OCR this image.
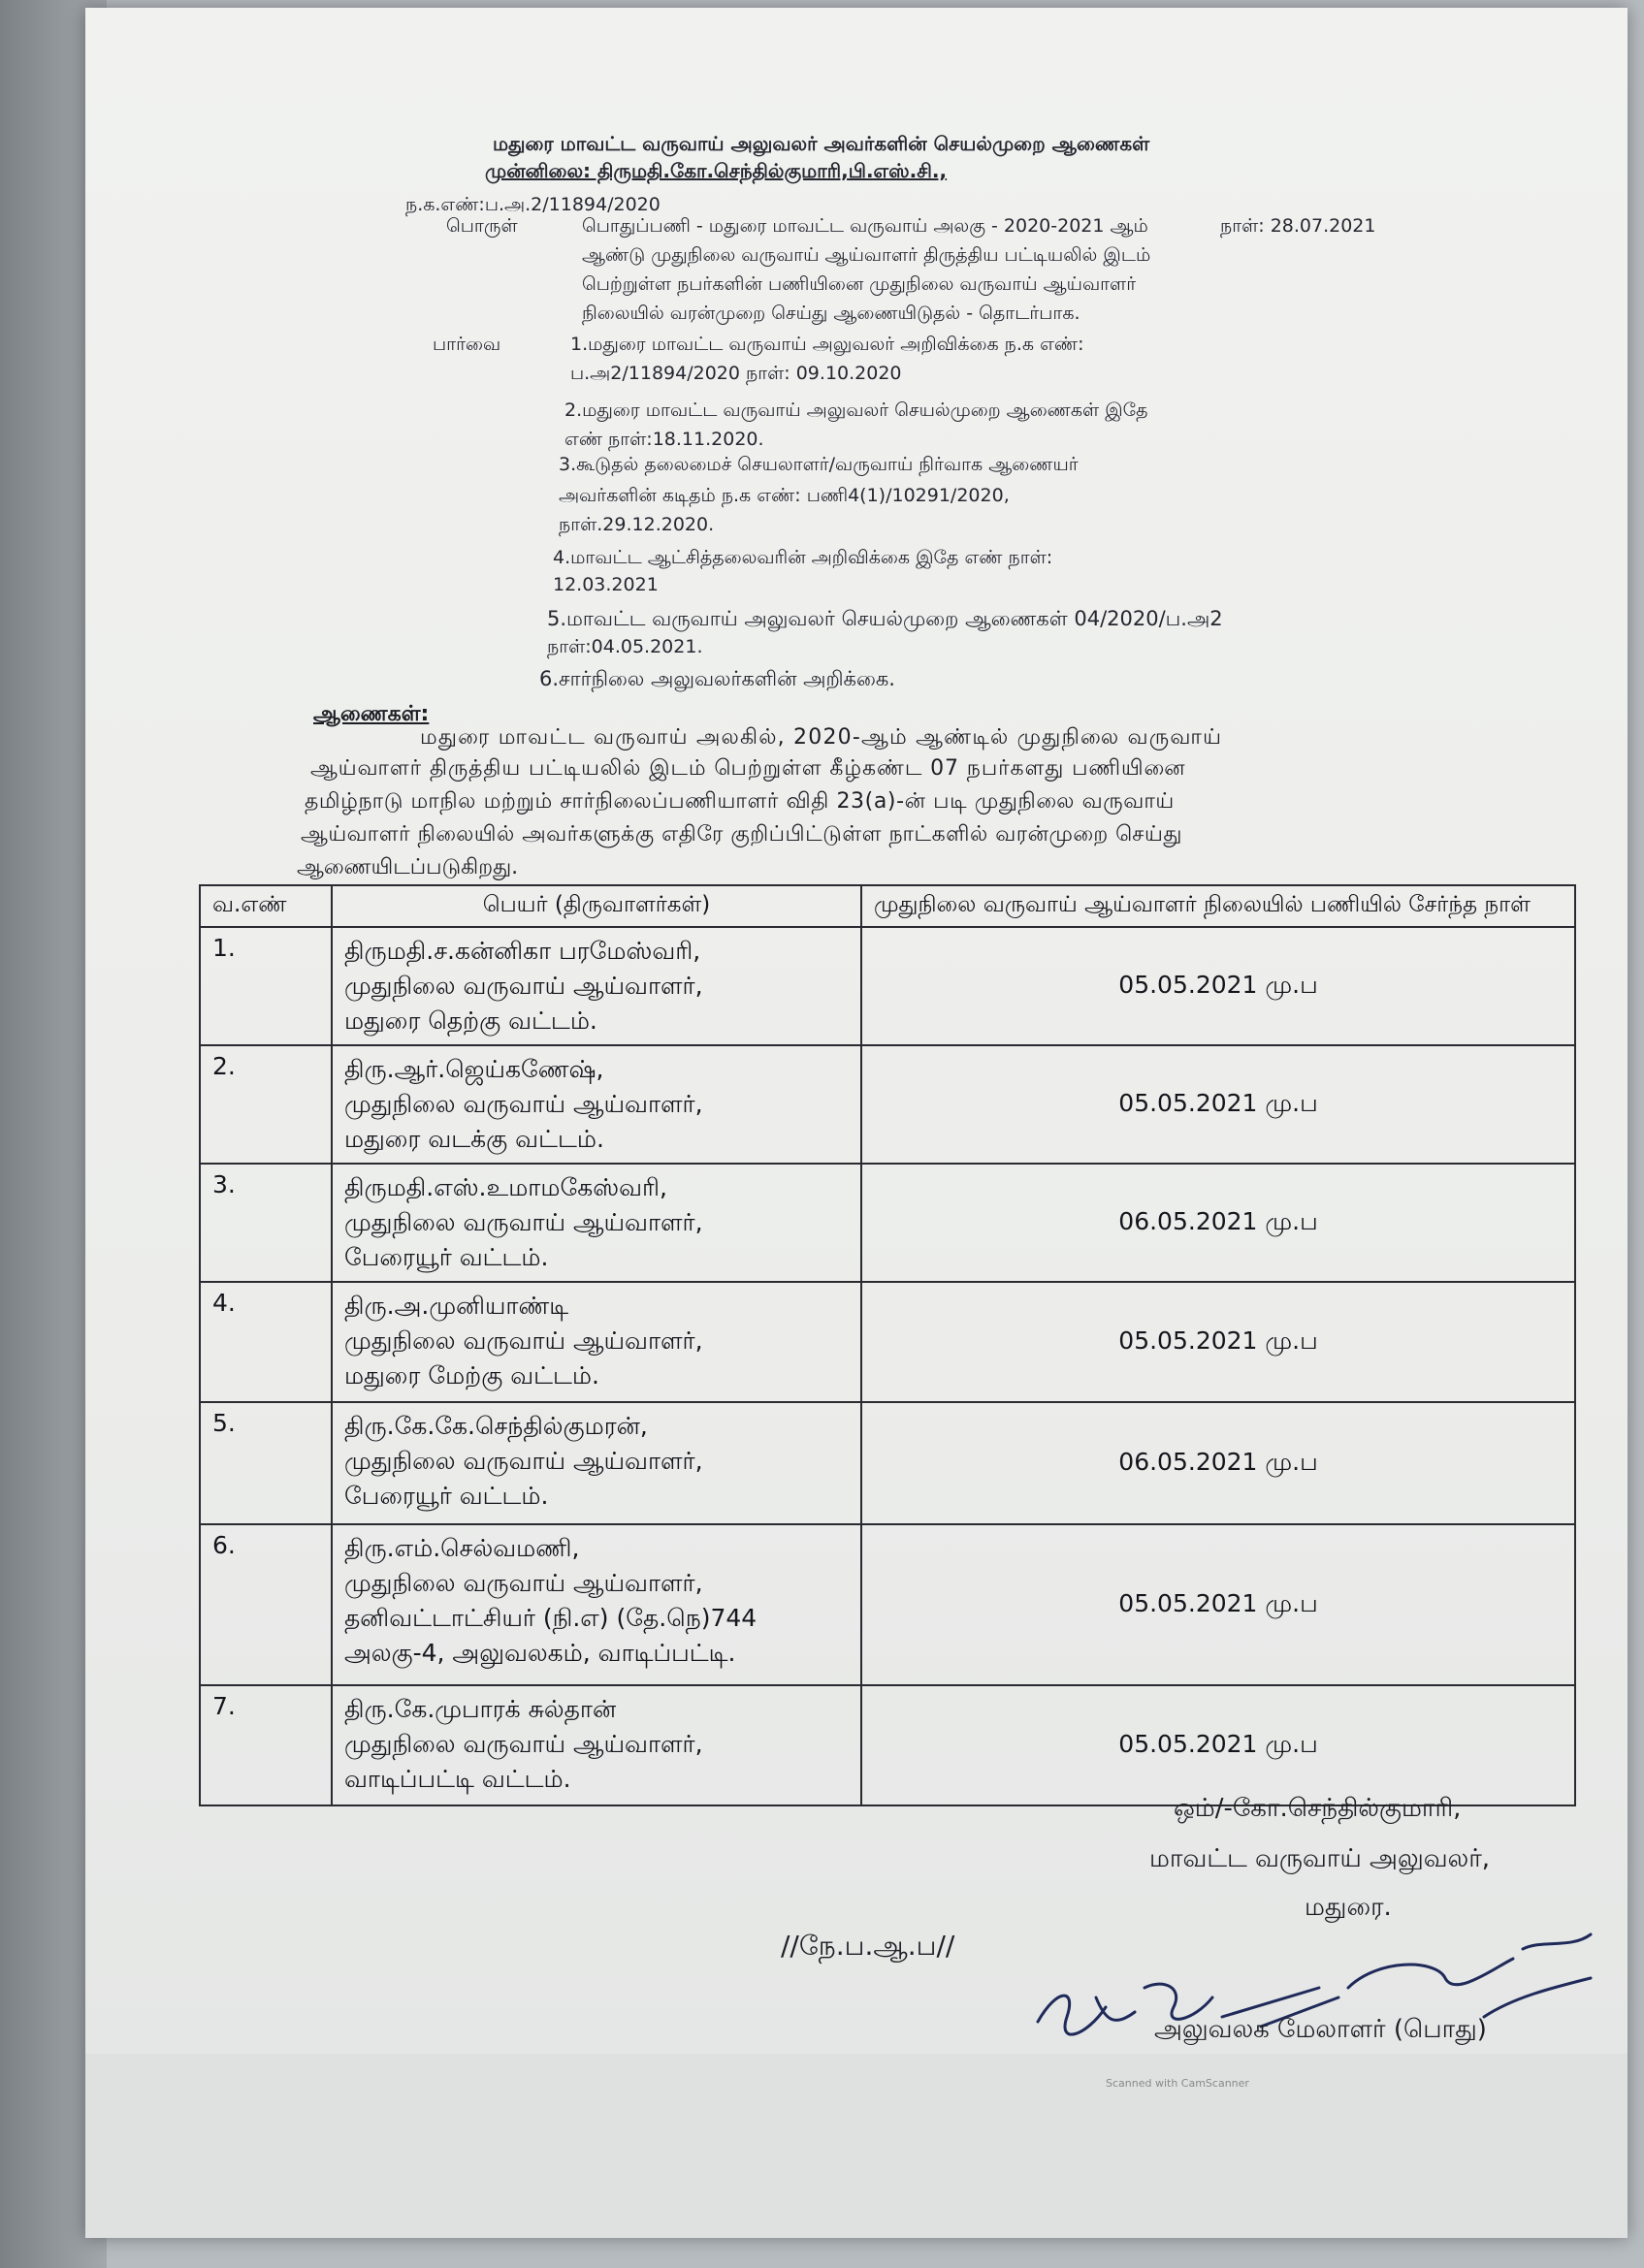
மதுரை மாவட்ட வருவாய் அலுவலர் அவர்களின் செயல்முறை ஆணைகள்
முன்னிலை: திருமதி.கோ.செந்தில்குமாரி,பி.எஸ்.சி.,
ந.க.எண்:ப.அ.2/11894/2020
நாள்: 28.07.2021
பொருள்	பொதுப்பணி - மதுரை மாவட்ட வருவாய் அலகு - 2020-2021 ஆம்
ஆண்டு முதுநிலை வருவாய் ஆய்வாளர் திருத்திய பட்டியலில் இடம்
பெற்றுள்ள நபர்களின் பணியினை முதுநிலை வருவாய் ஆய்வாளர்
நிலையில் வரன்முறை செய்து ஆணையிடுதல் - தொடர்பாக.
பார்வை	1.மதுரை மாவட்ட வருவாய் அலுவலர் அறிவிக்கை ந.க எண்:
ப.அ2/11894/2020 நாள்: 09.10.2020
2.மதுரை மாவட்ட வருவாய் அலுவலர் செயல்முறை ஆணைகள் இதே
எண் நாள்:18.11.2020.
3.கூடுதல் தலைமைச் செயலாளர்/வருவாய் நிர்வாக ஆணையர்
அவர்களின் கடிதம் ந.க எண்: பணி4(1)/10291/2020,
நாள்.29.12.2020.
4.மாவட்ட ஆட்சித்தலைவரின் அறிவிக்கை இதே எண் நாள்:
12.03.2021
5.மாவட்ட வருவாய் அலுவலர் செயல்முறை ஆணைகள் 04/2020/ப.அ2
நாள்:04.05.2021.
6.சார்நிலை அலுவலர்களின் அறிக்கை.
ஆணைகள்:
மதுரை மாவட்ட வருவாய் அலகில், 2020-ஆம் ஆண்டில் முதுநிலை வருவாய்
ஆய்வாளர் திருத்திய பட்டியலில் இடம் பெற்றுள்ள கீழ்கண்ட 07 நபர்களது பணியினை
தமிழ்நாடு மாநில மற்றும் சார்நிலைப்பணியாளர் விதி 23(a)-ன் படி முதுநிலை வருவாய்
ஆய்வாளர் நிலையில் அவர்களுக்கு எதிரே குறிப்பிட்டுள்ள நாட்களில் வரன்முறை செய்து
ஆணையிடப்படுகிறது.
வ.எண்	பெயர் (திருவாளர்கள்)	முதுநிலை வருவாய் ஆய்வாளர் நிலையில் பணியில் சேர்ந்த நாள்
1.	திருமதி.ச.கன்னிகா பரமேஸ்வரி,
முதுநிலை வருவாய் ஆய்வாளர்,
மதுரை தெற்கு வட்டம்.	05.05.2021 மு.ப
2.	திரு.ஆர்.ஜெய்கணேஷ்,
முதுநிலை வருவாய் ஆய்வாளர்,
மதுரை வடக்கு வட்டம்.	05.05.2021 மு.ப
3.	திருமதி.எஸ்.உமாமகேஸ்வரி,
முதுநிலை வருவாய் ஆய்வாளர்,
பேரையூர் வட்டம்.	06.05.2021 மு.ப
4.	திரு.அ.முனியாண்டி
முதுநிலை வருவாய் ஆய்வாளர்,
மதுரை மேற்கு வட்டம்.	05.05.2021 மு.ப
5.	திரு.கே.கே.செந்தில்குமரன்,
முதுநிலை வருவாய் ஆய்வாளர்,
பேரையூர் வட்டம்.	06.05.2021 மு.ப
6.	திரு.எம்.செல்வமணி,
முதுநிலை வருவாய் ஆய்வாளர்,
தனிவட்டாட்சியர் (நி.எ) (தே.நெ)744
அலகு-4, அலுவலகம், வாடிப்பட்டி.	05.05.2021 மு.ப
7.	திரு.கே.முபாரக் சுல்தான்
முதுநிலை வருவாய் ஆய்வாளர்,
வாடிப்பட்டி வட்டம்.	05.05.2021 மு.ப
ஒம்/-கோ.செந்தில்குமாரி,
மாவட்ட வருவாய் அலுவலர்,
மதுரை.
//நே.ப.ஆ.ப//
அலுவலக மேலாளர் (பொது)
Scanned with CamScanner
